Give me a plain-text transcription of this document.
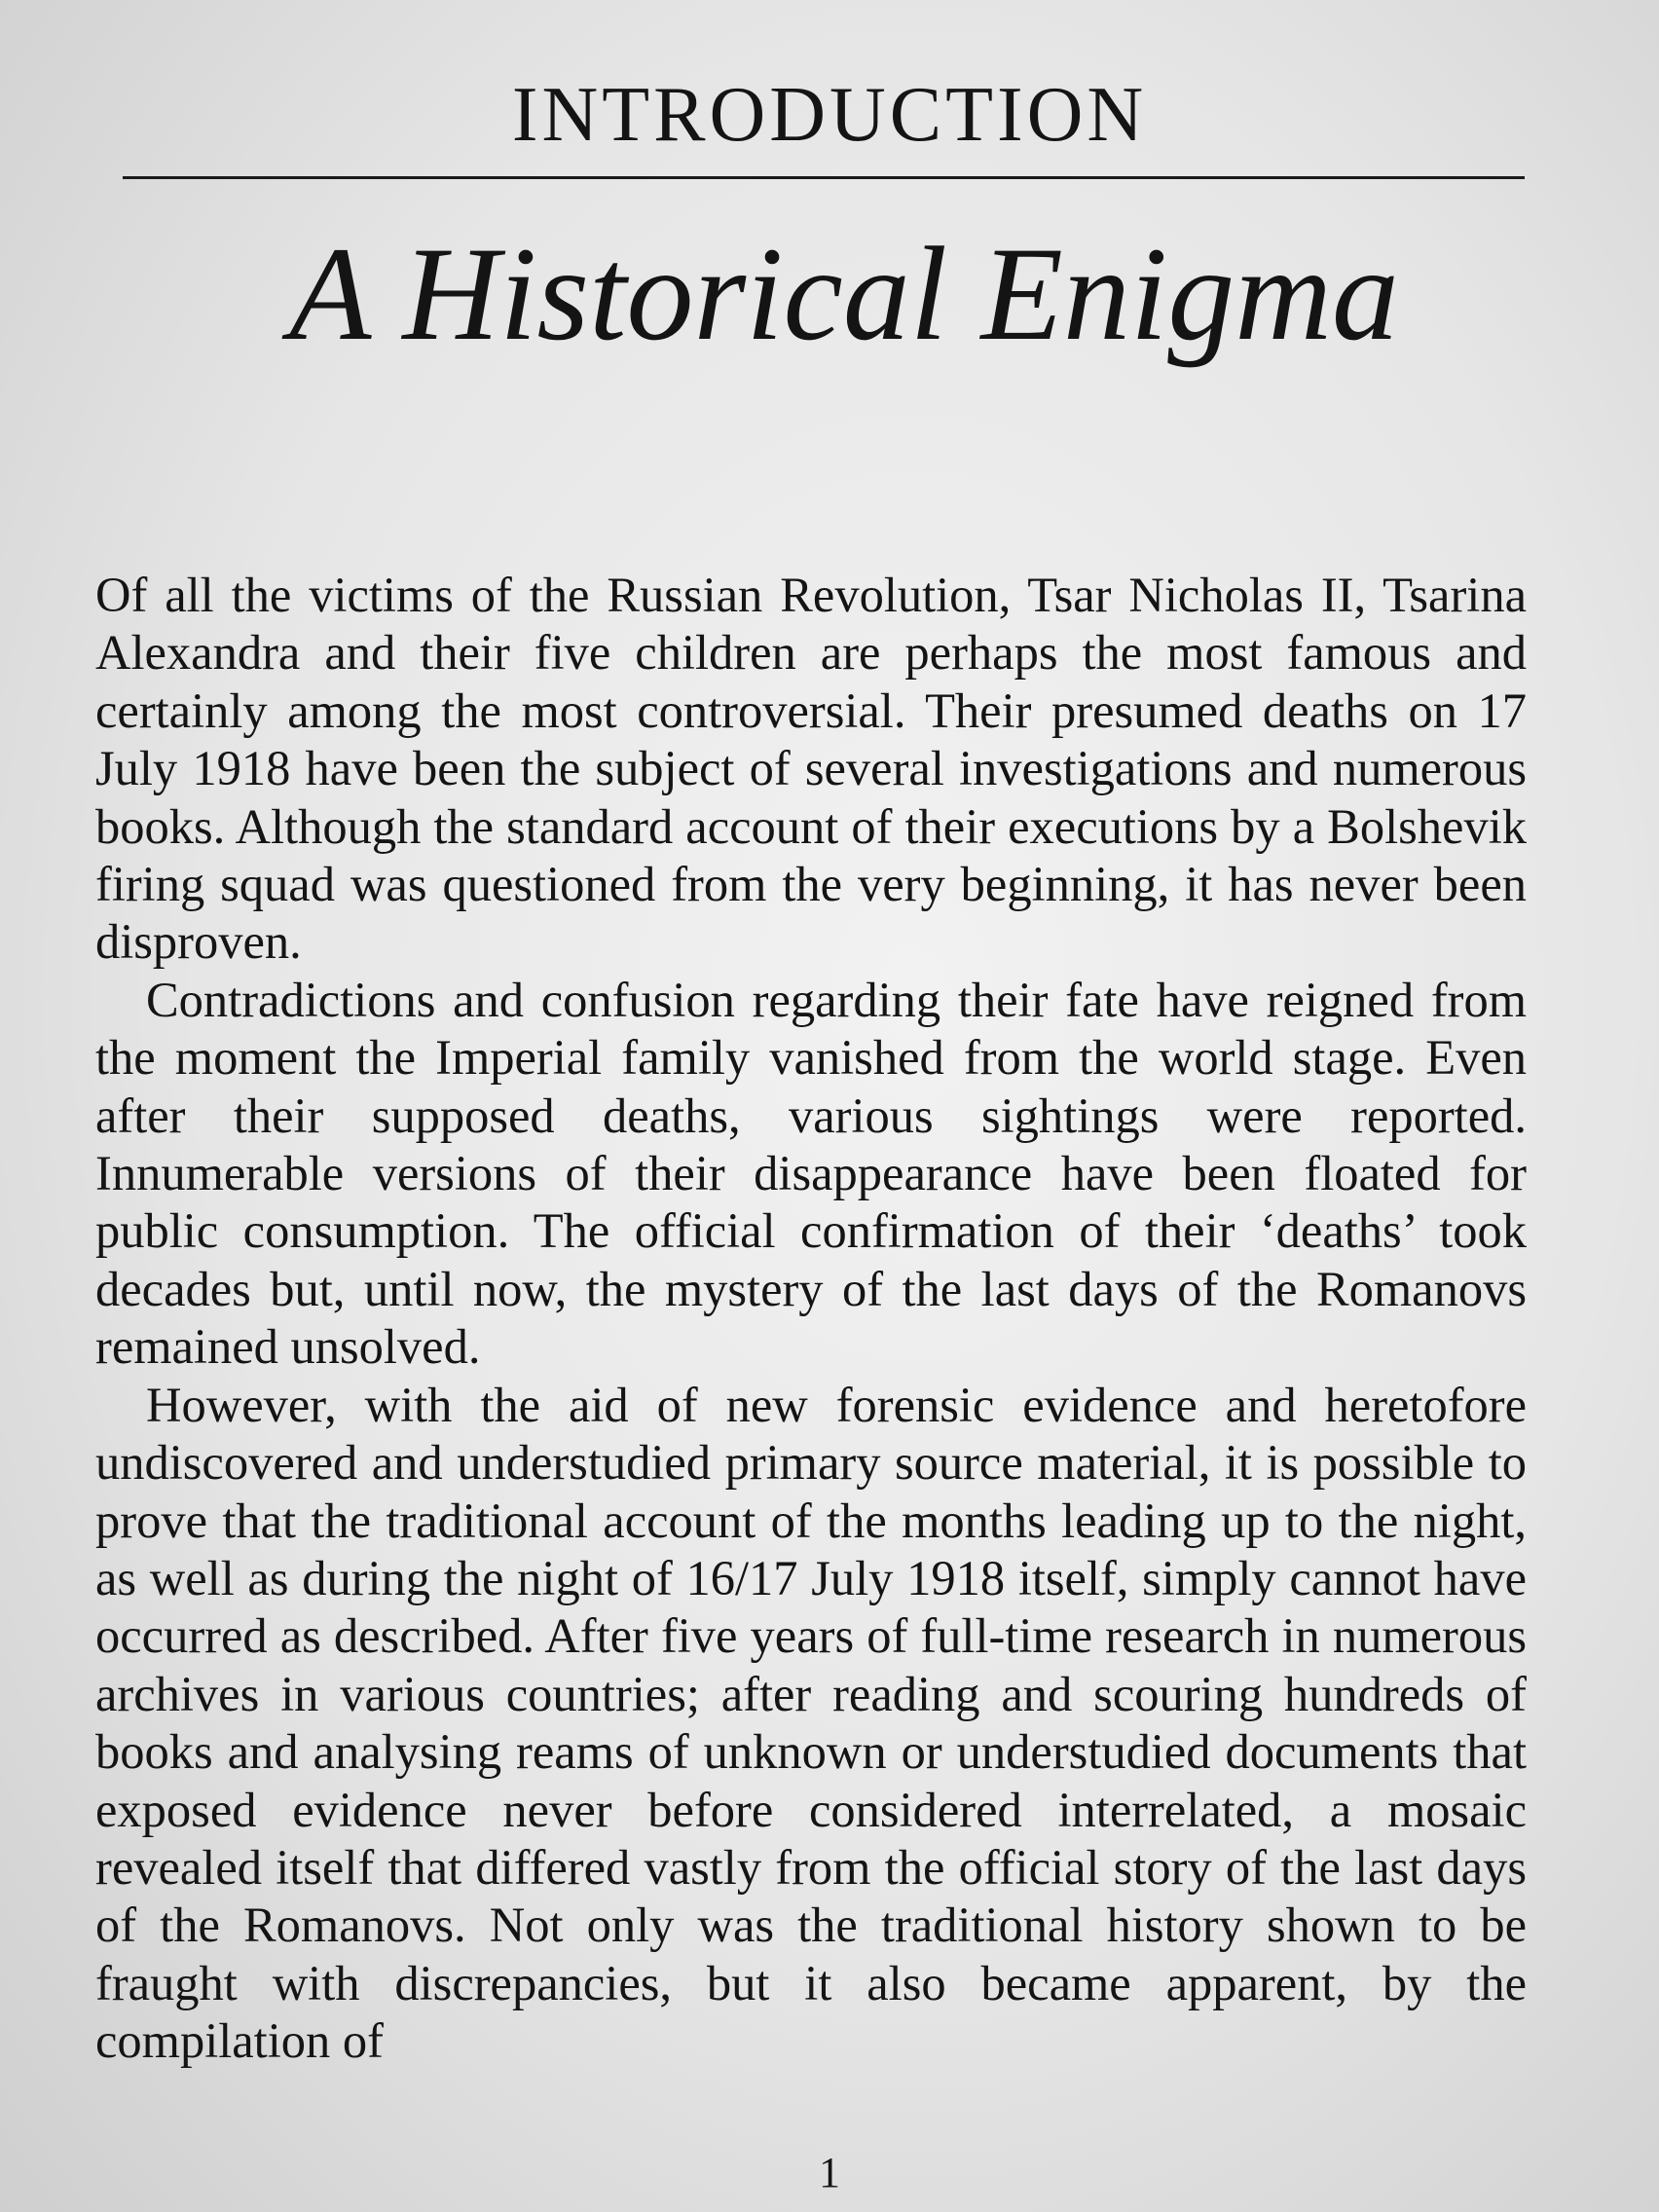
INTRODUCTION
A Historical Enigma

Of all the victims of the Russian Revolution, Tsar Nicholas II, Tsarina Alexandra and their five children are perhaps the most famous and certainly among the most controversial. Their presumed deaths on 17 July 1918 have been the subject of several investigations and numerous books. Although the standard account of their executions by a Bolshevik firing squad was questioned from the very beginning, it has never been disproven.

Contradictions and confusion regarding their fate have reigned from the moment the Imperial family vanished from the world stage. Even after their supposed deaths, various sightings were reported. Innumerable versions of their disappearance have been floated for public consumption. The official confirmation of their ‘deaths’ took decades but, until now, the mystery of the last days of the Romanovs remained unsolved.

However, with the aid of new forensic evidence and heretofore undiscovered and understudied primary source material, it is possible to prove that the traditional account of the months leading up to the night, as well as during the night of 16/17 July 1918 itself, simply cannot have occurred as described. After five years of full-time research in numerous archives in various countries; after reading and scouring hundreds of books and analysing reams of unknown or understudied documents that exposed evidence never before considered interrelated, a mosaic revealed itself that differed vastly from the official story of the last days of the Romanovs. Not only was the traditional history shown to be fraught with discrepancies, but it also became apparent, by the compilation of

1
